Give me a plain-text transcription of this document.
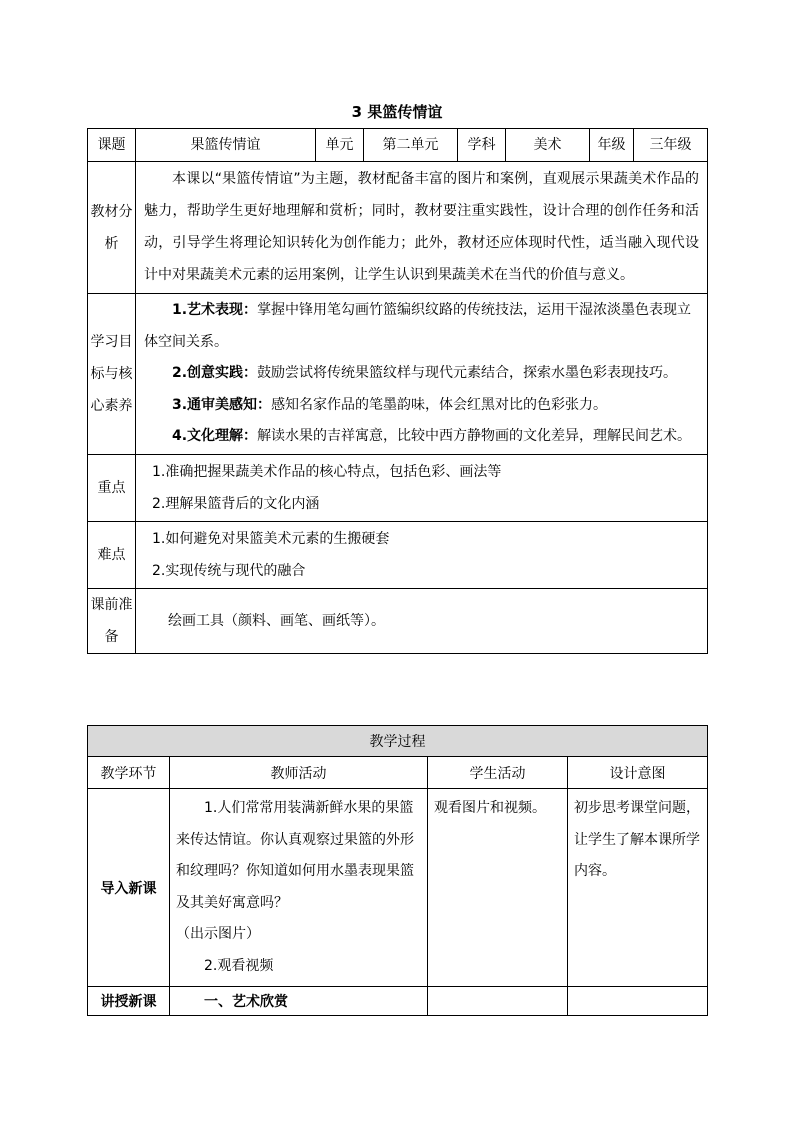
3 果篮传情谊
课题	果篮传情谊	单元	第二单元	学科	美术	年级	三年级
教材分析	本课以“果篮传情谊”为主题，教材配备丰富的图片和案例，直观展示果蔬美术作品的魅力，帮助学生更好地理解和赏析；同时，教材要注重实践性，设计合理的创作任务和活动，引导学生将理论知识转化为创作能力；此外，教材还应体现时代性，适当融入现代设计中对果蔬美术元素的运用案例，让学生认识到果蔬美术在当代的价值与意义。						
学习目标与核心素养	1.艺术表现：掌握中锋用笔勾画竹篮编织纹路的传统技法，运用干湿浓淡墨色表现立体空间关系。
2.创意实践：鼓励尝试将传统果篮纹样与现代元素结合，探索水墨色彩表现技巧。
3.通审美感知：感知名家作品的笔墨韵味，体会红黑对比的色彩张力。
4.文化理解：解读水果的吉祥寓意，比较中西方静物画的文化差异，理解民间艺术。						

重点	1.准确把握果蔬美术作品的核心特点，包括色彩、画法等
2.理解果篮背后的文化内涵						

难点	1.如何避免对果篮美术元素的生搬硬套
2.实现传统与现代的融合						

课前准备	绘画工具（颜料、画笔、画纸等）。						
教学过程			
教学环节	教师活动	学生活动	设计意图
导入新课	1.人们常常用装满新鲜水果的果篮来传达情谊。你认真观察过果篮的外形和纹理吗？你知道如何用水墨表现果篮及其美好寓意吗？
（出示图片）
2.观看视频	观看图片和视频。	初步思考课堂问题，让学生了解本课所学内容。
讲授新课	一、艺术欣赏		
